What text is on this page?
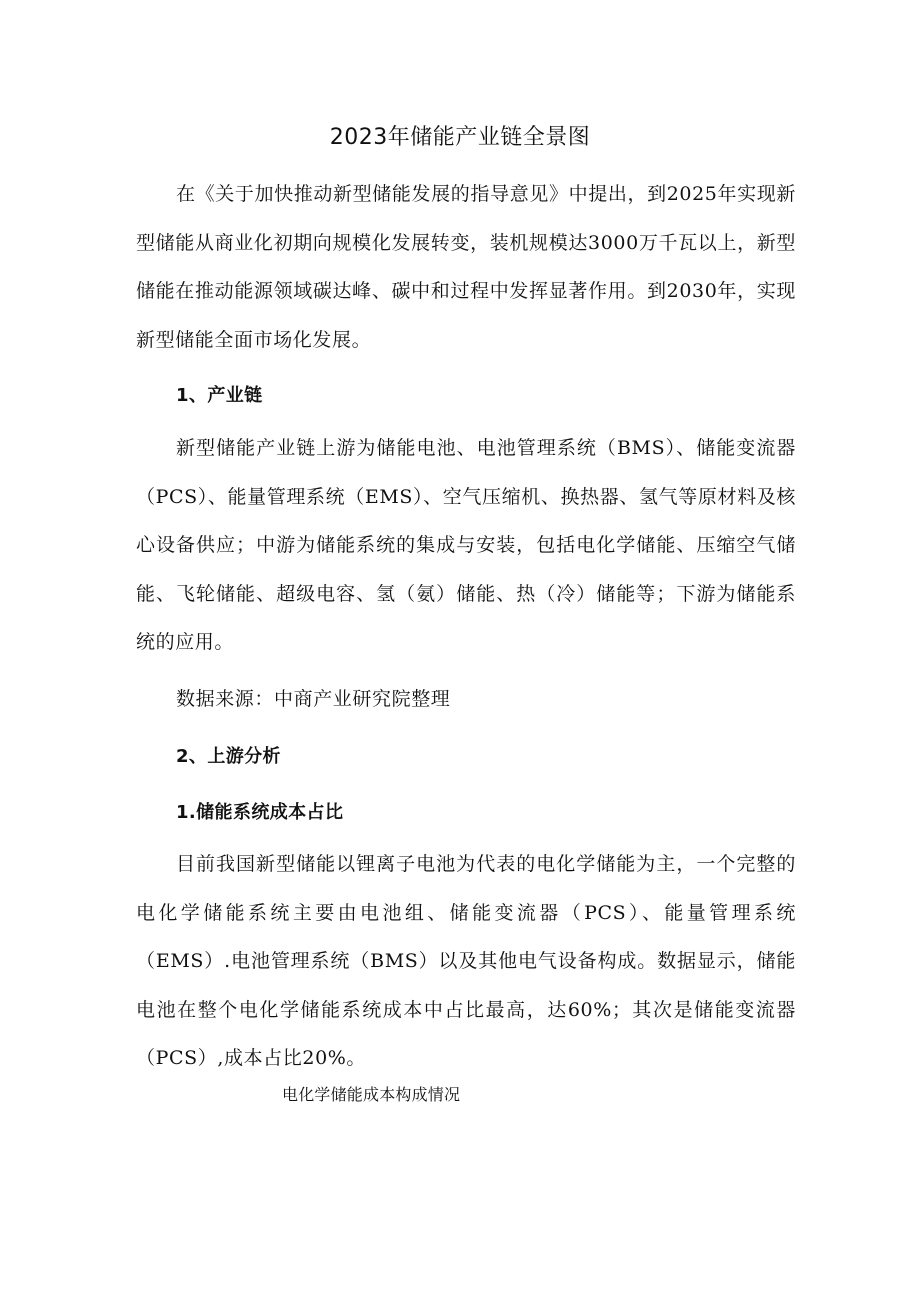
2023年储能产业链全景图

在《关于加快推动新型储能发展的指导意见》中提出，到2025年实现新型储能从商业化初期向规模化发展转变，装机规模达3000万千瓦以上，新型储能在推动能源领域碳达峰、碳中和过程中发挥显著作用。到2030年，实现新型储能全面市场化发展。

1、产业链

新型储能产业链上游为储能电池、电池管理系统（BMS）、储能变流器（PCS）、能量管理系统（EMS）、空气压缩机、换热器、氢气等原材料及核心设备供应；中游为储能系统的集成与安装，包括电化学储能、压缩空气储能、飞轮储能、超级电容、氢（氨）储能、热（冷）储能等；下游为储能系统的应用。

数据来源：中商产业研究院整理

2、上游分析
1.储能系统成本占比

目前我国新型储能以锂离子电池为代表的电化学储能为主，一个完整的电化学储能系统主要由电池组、储能变流器（PCS）、能量管理系统（EMS）.电池管理系统（BMS）以及其他电气设备构成。数据显示，储能电池在整个电化学储能系统成本中占比最高，达60%；其次是储能变流器（PCS）,成本占比20%。

电化学储能成本构成情况
